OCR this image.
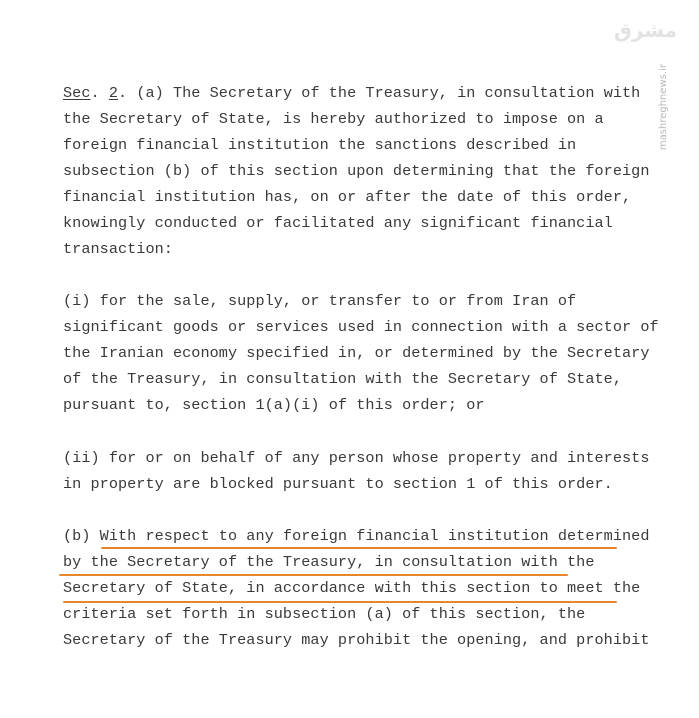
مشرق
mashreghnews.ir
Sec. 2. (a) The Secretary of the Treasury, in consultation with
the Secretary of State, is hereby authorized to impose on a
foreign financial institution the sanctions described in
subsection (b) of this section upon determining that the foreign
financial institution has, on or after the date of this order,
knowingly conducted or facilitated any significant financial
transaction:
(i) for the sale, supply, or transfer to or from Iran of
significant goods or services used in connection with a sector of
the Iranian economy specified in, or determined by the Secretary
of the Treasury, in consultation with the Secretary of State,
pursuant to, section 1(a)(i) of this order; or
(ii) for or on behalf of any person whose property and interests
in property are blocked pursuant to section 1 of this order.
(b) With respect to any foreign financial institution determined
by the Secretary of the Treasury, in consultation with the
Secretary of State, in accordance with this section to meet the
criteria set forth in subsection (a) of this section, the
Secretary of the Treasury may prohibit the opening, and prohibit
